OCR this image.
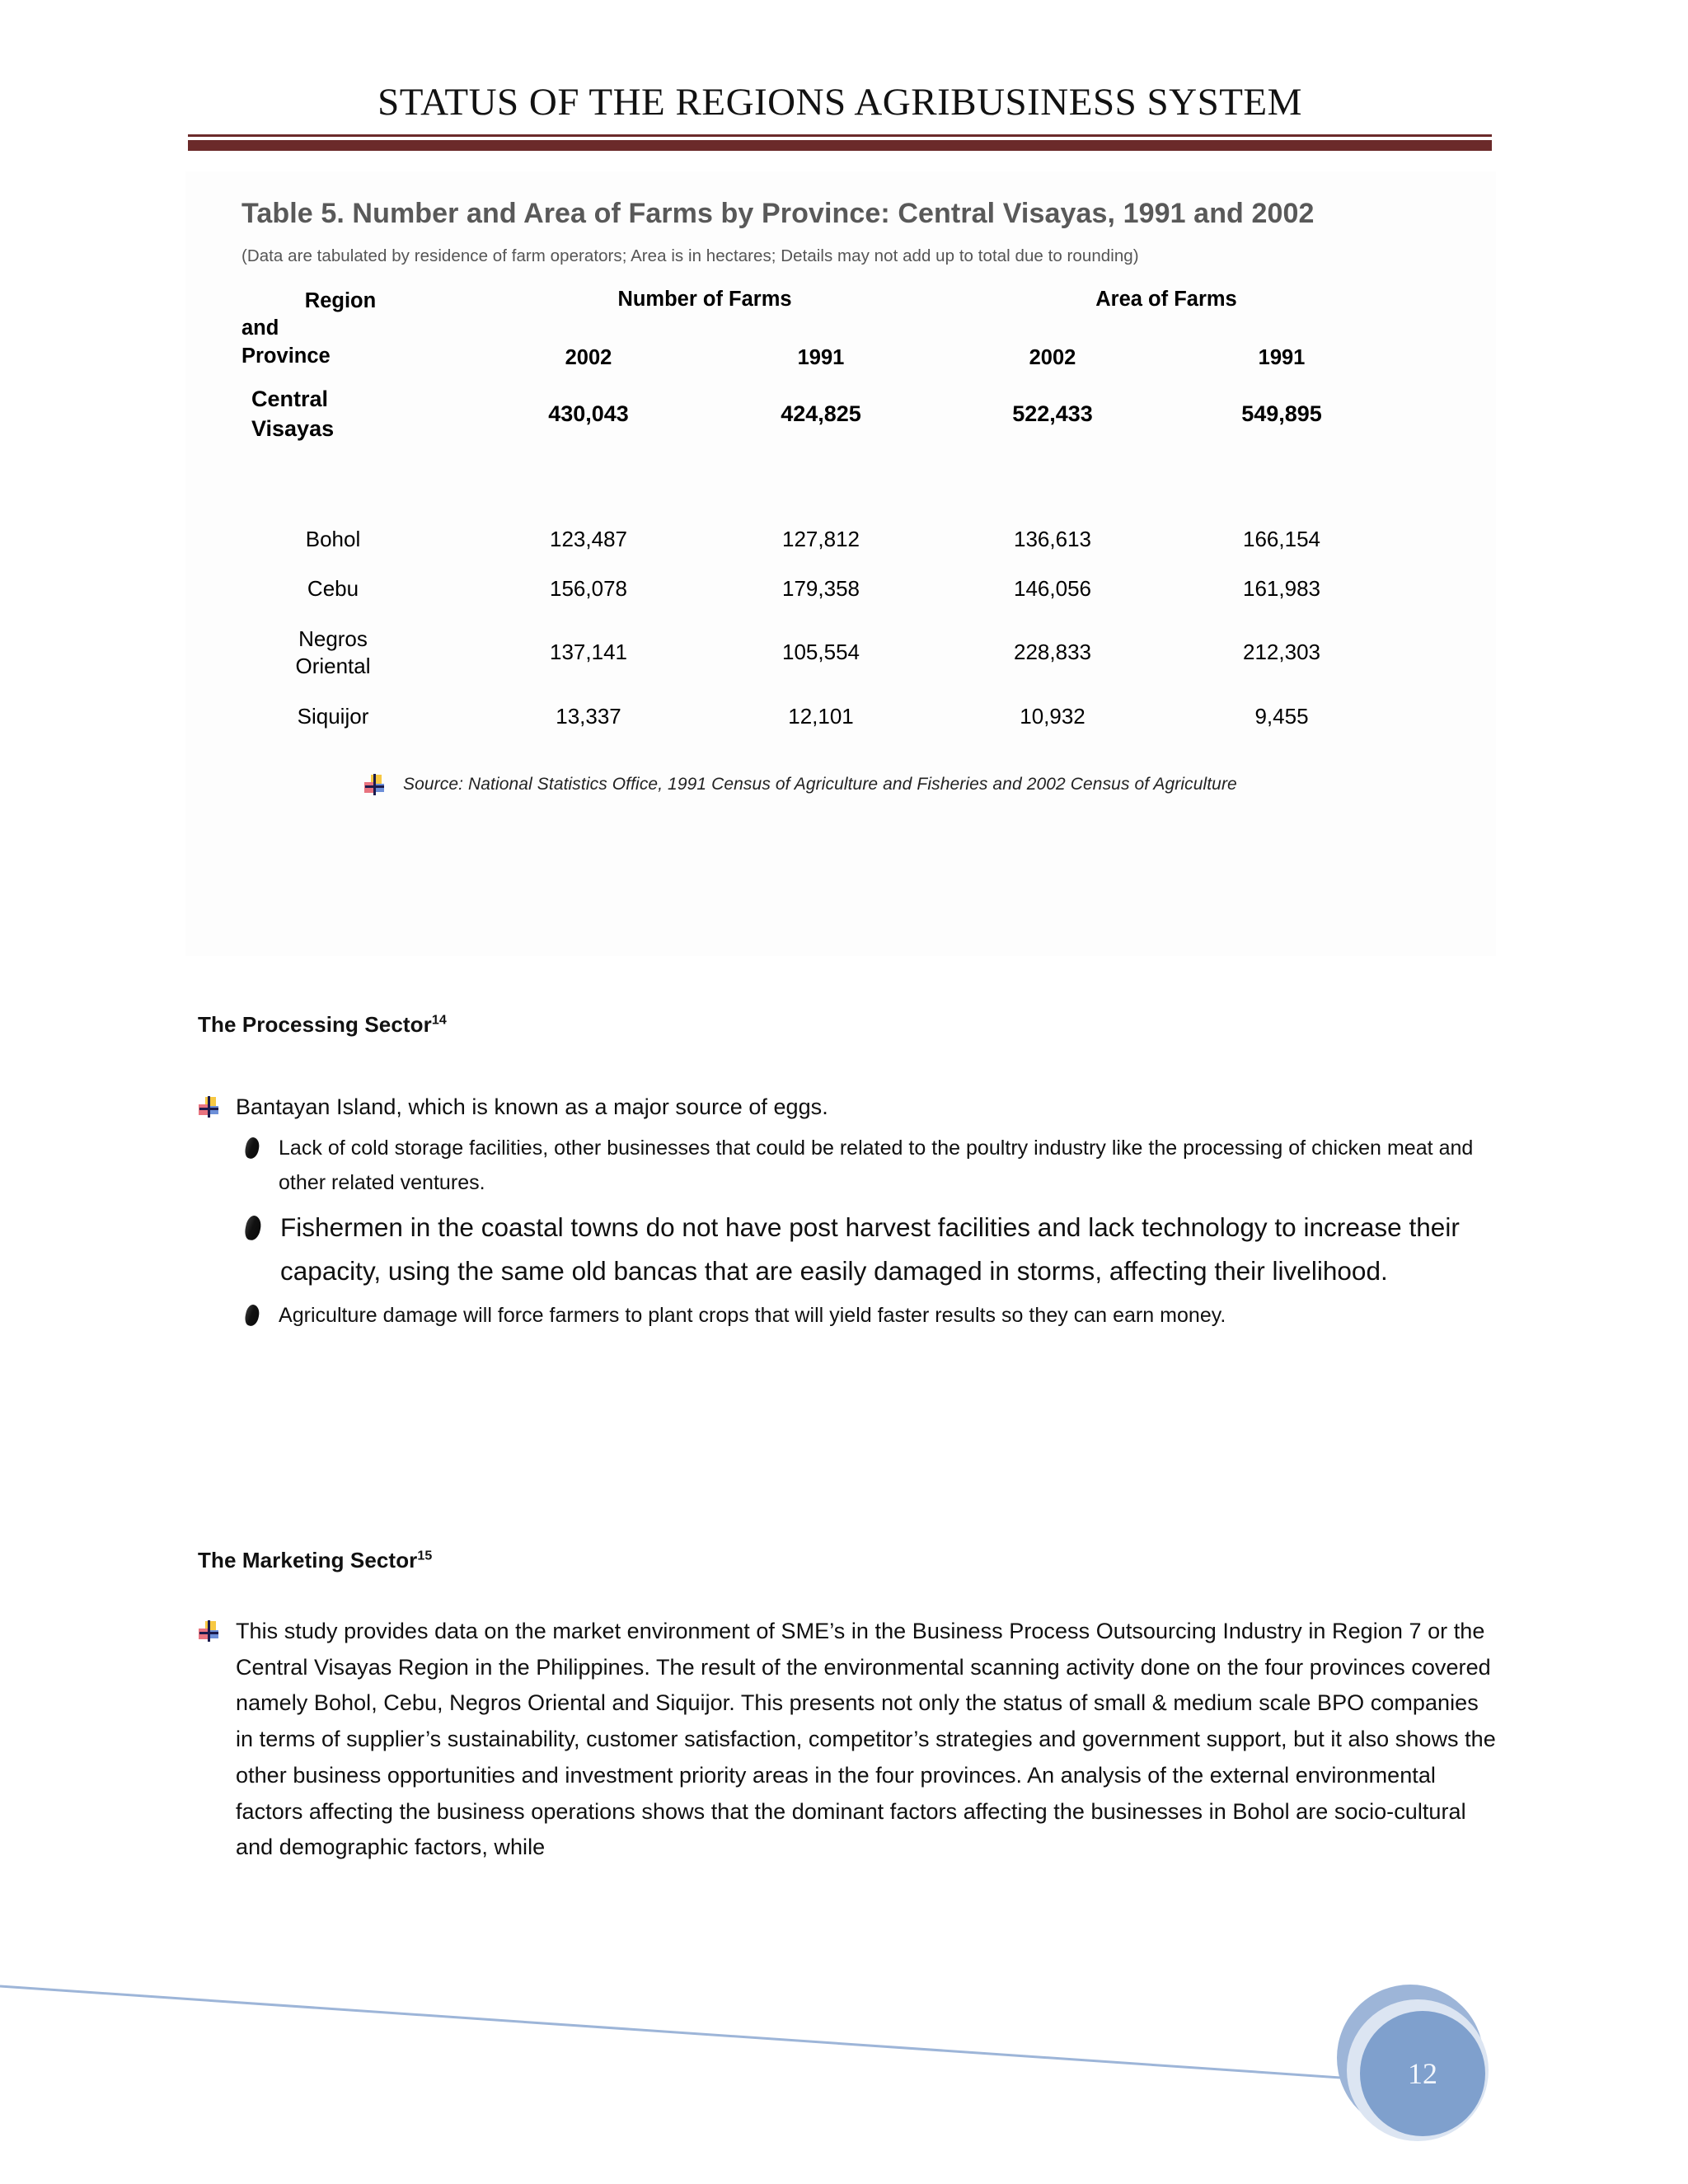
STATUS OF THE REGIONS AGRIBUSINESS SYSTEM
Table 5. Number and Area of Farms by Province: Central Visayas, 1991 and 2002
(Data are tabulated by residence of farm operators; Area is in hectares; Details may not add up to total due to rounding)
Region
and
Province	Number of Farms		Area of Farms	
	2002	1991	2002	1991
Central
Visayas	430,043	424,825	522,433	549,895

Bohol	123,487	127,812	136,613	166,154
Cebu	156,078	179,358	146,056	161,983
Negros
Oriental	137,141	105,554	228,833	212,303
Siquijor	13,337	12,101	10,932	9,455
Source: National Statistics Office, 1991 Census of Agriculture and Fisheries and 2002 Census of Agriculture
The Processing Sector$^{14}$
Bantayan Island, which is known as a major source of eggs.
Lack of cold storage facilities, other businesses that could be related to the poultry industry like the processing of chicken meat and other related ventures.
Fishermen in the coastal towns do not have post harvest facilities and lack technology to increase their capacity, using the same old bancas that are easily damaged in storms, affecting their livelihood.
Agriculture damage will force farmers to plant crops that will yield faster results so they can earn money.
The Marketing Sector$^{15}$
This study provides data on the market environment of SME’s in the Business Process Outsourcing Industry in Region 7 or the Central Visayas Region in the Philippines. The result of the environmental scanning activity done on the four provinces covered namely Bohol, Cebu, Negros Oriental and Siquijor. This presents not only the status of small & medium scale BPO companies in terms of supplier’s sustainability, customer satisfaction, competitor’s strategies and government support, but it also shows the other business opportunities and investment priority areas in the four provinces. An analysis of the external environmental factors affecting the business operations shows that the dominant factors affecting the businesses in Bohol are socio-cultural and demographic factors, while
12
